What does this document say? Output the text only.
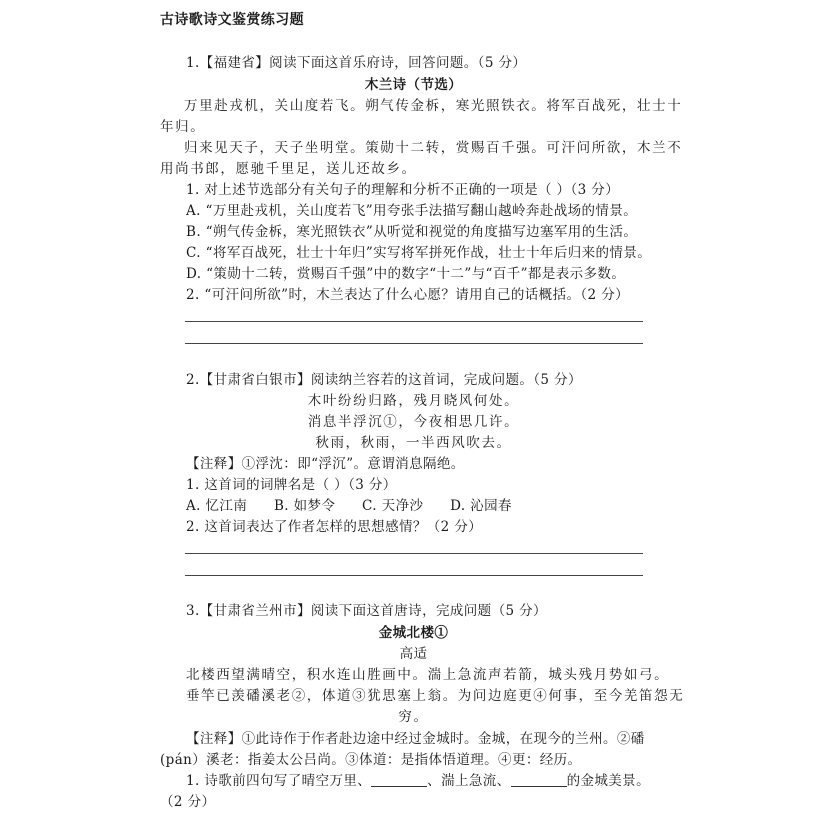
古诗歌诗文鉴赏练习题
1.【福建省】阅读下面这首乐府诗，回答问题。（5 分）
木兰诗（节选）
万里赴戎机，关山度若飞。朔气传金柝，寒光照铁衣。将军百战死，壮士十
年归。
归来见天子，天子坐明堂。策勋十二转，赏赐百千强。可汗问所欲，木兰不
用尚书郎，愿驰千里足，送儿还故乡。
1. 对上述节选部分有关句子的理解和分析不正确的一项是（ ）（3 分）
A. “万里赴戎机，关山度若飞”用夸张手法描写翻山越岭奔赴战场的情景。
B. “朔气传金柝，寒光照铁衣”从听觉和视觉的角度描写边塞军用的生活。
C. “将军百战死，壮士十年归”实写将军拼死作战，壮士十年后归来的情景。
D. “策勋十二转，赏赐百千强”中的数字“十二”与“百千”都是表示多数。
2. “可汗问所欲”时，木兰表达了什么心愿？请用自己的话概括。（2 分）
2.【甘肃省白银市】阅读纳兰容若的这首词，完成问题。（5 分）
木叶纷纷归路，残月晓风何处。
消息半浮沉①，今夜相思几许。
秋雨，秋雨，一半西风吹去。
【注释】①浮沈：即“浮沉”。意谓消息隔绝。
1. 这首词的词牌名是（ ）（3 分）
A. 忆江南 B. 如梦令 C. 天净沙 D. 沁园春
2. 这首词表达了作者怎样的思想感情？（2 分）
3.【甘肃省兰州市】阅读下面这首唐诗，完成问题（5 分）
金城北楼①
高适
北楼西望满晴空，积水连山胜画中。湍上急流声若箭，城头残月势如弓。
垂竿已羡磻溪老②，体道③犹思塞上翁。为问边庭更④何事，至今羌笛怨无
穷。
【注释】①此诗作于作者赴边途中经过金城时。金城，在现今的兰州。②磻
(pán）溪老：指姜太公吕尚。③体道：是指体悟道理。④更：经历。
1. 诗歌前四句写了晴空万里、	、湍上急流、	的金城美景。
（2 分）
